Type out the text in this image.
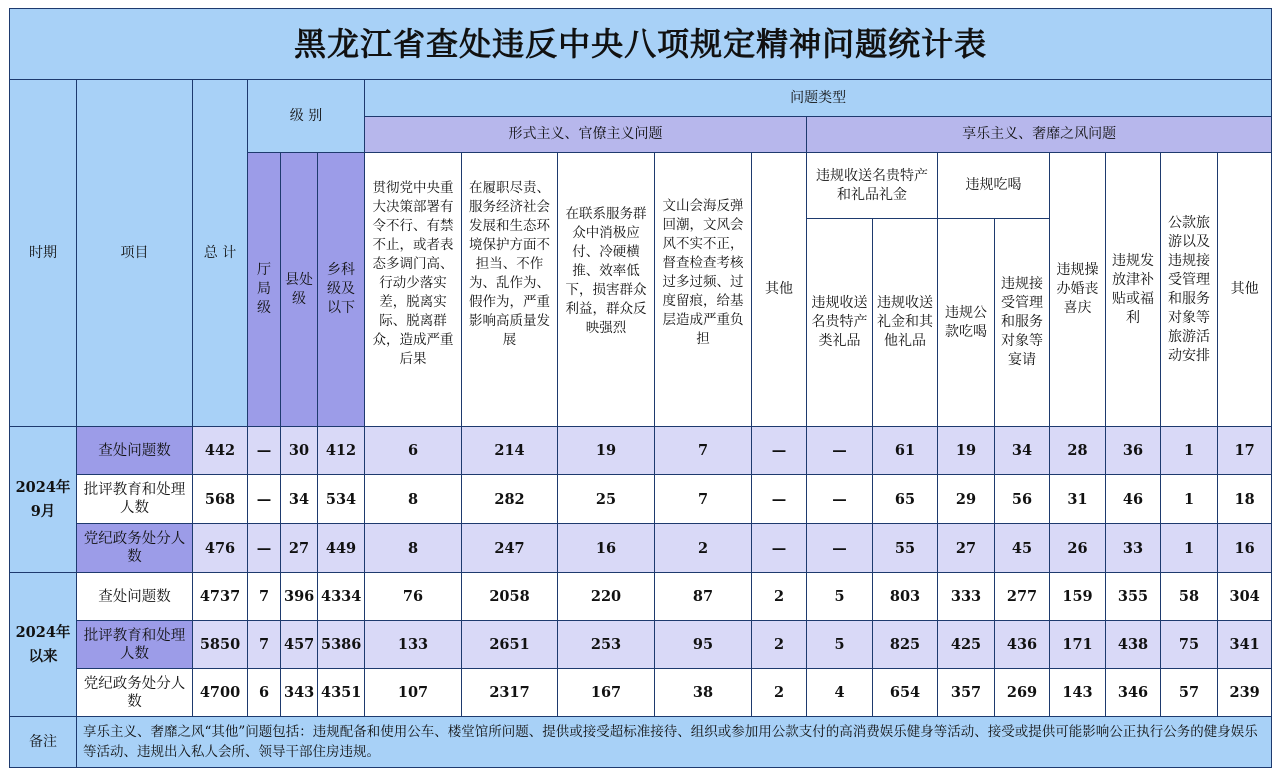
黑龙江省查处违反中央八项规定精神问题统计表																		
时期	项目	总 计	级 别			问题类型												
						形式主义、官僚主义问题					享乐主义、奢靡之风问题							
			厅局级	县处级	乡科级及以下	贯彻党中央重大决策部署有令不行、有禁不止，或者表态多调门高、行动少落实差，脱离实际、脱离群众，造成严重后果	在履职尽责、服务经济社会发展和生态环境保护方面不担当、不作为、乱作为、假作为，严重影响高质量发展	在联系服务群众中消极应付、冷硬横推、效率低下，损害群众利益，群众反映强烈	文山会海反弹回潮，文风会风不实不正，督查检查考核过多过频、过度留痕，给基层造成严重负担	其他	违规收送名贵特产和礼品礼金		违规吃喝		违规操办婚丧喜庆	违规发放津补贴或福利	公款旅游以及违规接受管理和服务对象等旅游活动安排	其他
											违规收送名贵特产类礼品	违规收送礼金和其他礼品	违规公款吃喝	违规接受管理和服务对象等宴请				
2024年9月	查处问题数	442	—	30	412	6	214	19	7	—	—	61	19	34	28	36	1	17
	批评教育和处理人数	568	—	34	534	8	282	25	7	—	—	65	29	56	31	46	1	18
	党纪政务处分人数	476	—	27	449	8	247	16	2	—	—	55	27	45	26	33	1	16
2024年以来	查处问题数	4737	7	396	4334	76	2058	220	87	2	5	803	333	277	159	355	58	304
	批评教育和处理人数	5850	7	457	5386	133	2651	253	95	2	5	825	425	436	171	438	75	341
	党纪政务处分人数	4700	6	343	4351	107	2317	167	38	2	4	654	357	269	143	346	57	239
备注	享乐主义、奢靡之风“其他”问题包括：违规配备和使用公车、楼堂馆所问题、提供或接受超标准接待、组织或参加用公款支付的高消费娱乐健身等活动、接受或提供可能影响公正执行公务的健身娱乐等活动、违规出入私人会所、领导干部住房违规。																	
